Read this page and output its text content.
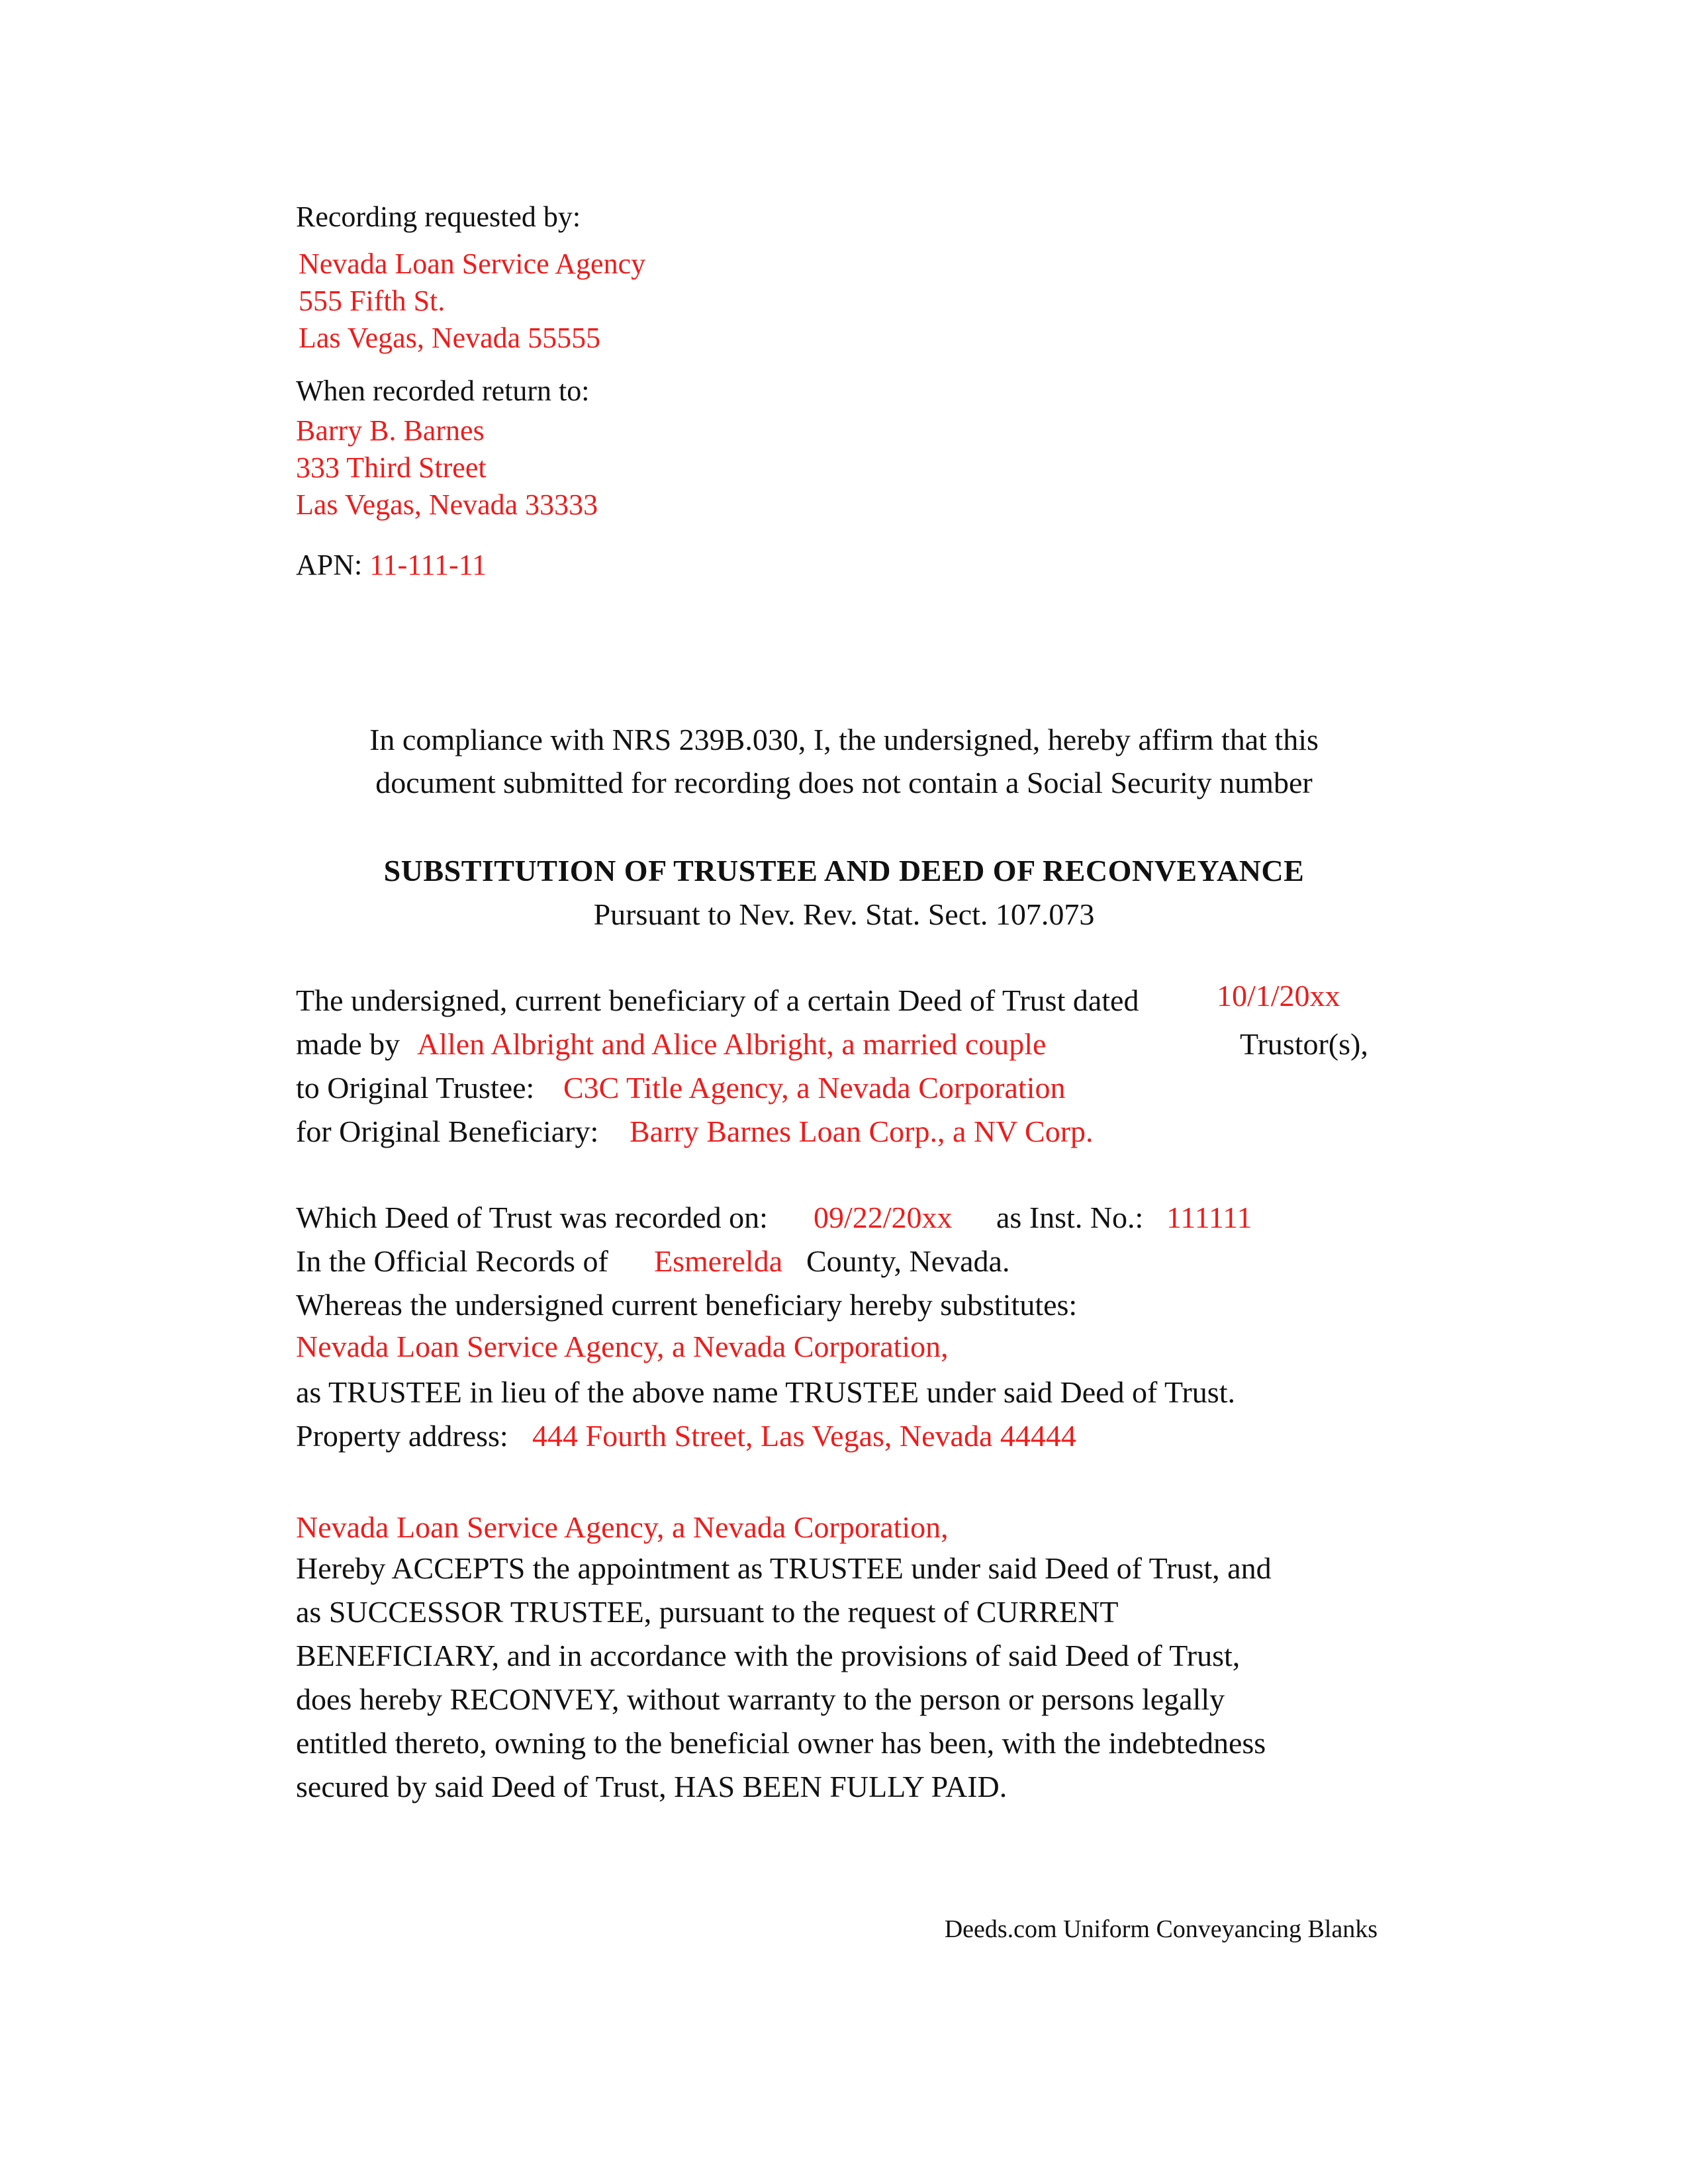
Recording requested by:
Nevada Loan Service Agency
555 Fifth St.
Las Vegas, Nevada 55555
When recorded return to:
Barry B. Barnes
333 Third Street
Las Vegas, Nevada 33333
APN: 11-111-11
In compliance with NRS 239B.030, I, the undersigned, hereby affirm that this
document submitted for recording does not contain a Social Security number
SUBSTITUTION OF TRUSTEE AND DEED OF RECONVEYANCE
Pursuant to Nev. Rev. Stat. Sect. 107.073
The undersigned, current beneficiary of a certain Deed of Trust dated	10/1/20xx
made by Allen Albright and Alice Albright, a married couple	Trustor(s),
to Original Trustee: C3C Title Agency, a Nevada Corporation
for Original Beneficiary: Barry Barnes Loan Corp., a NV Corp.
Which Deed of Trust was recorded on: 09/22/20xx as Inst. No.: 111111
In the Official Records of Esmerelda County, Nevada.
Whereas the undersigned current beneficiary hereby substitutes:
Nevada Loan Service Agency, a Nevada Corporation,
as TRUSTEE in lieu of the above name TRUSTEE under said Deed of Trust.
Property address: 444 Fourth Street, Las Vegas, Nevada 44444
Nevada Loan Service Agency, a Nevada Corporation,
Hereby ACCEPTS the appointment as TRUSTEE under said Deed of Trust, and
as SUCCESSOR TRUSTEE, pursuant to the request of CURRENT
BENEFICIARY, and in accordance with the provisions of said Deed of Trust,
does hereby RECONVEY, without warranty to the person or persons legally
entitled thereto, owning to the beneficial owner has been, with the indebtedness
secured by said Deed of Trust, HAS BEEN FULLY PAID.
Deeds.com Uniform Conveyancing Blanks
